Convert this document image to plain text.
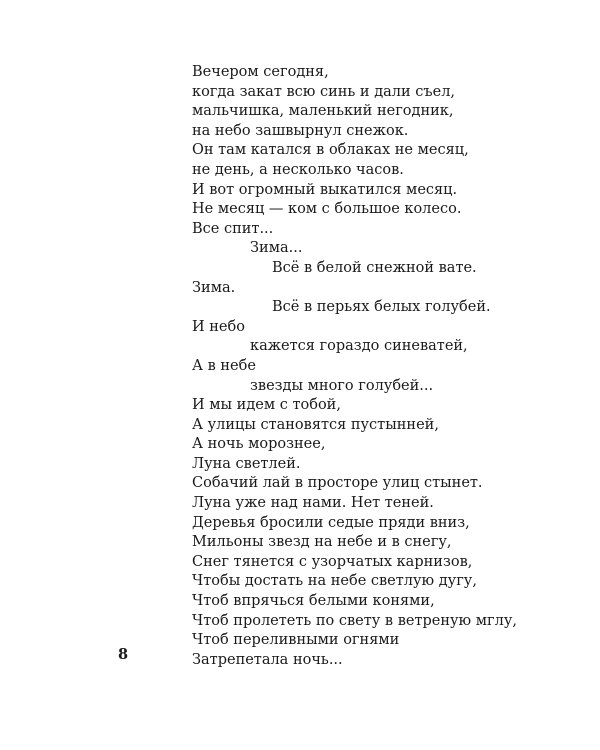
Вечером сегодня,
когда закат всю синь и дали съел,
мальчишка, маленький негодник,
на небо зашвырнул снежок.
Он там катался в облаках не месяц,
не день, а несколько часов.
И вот огромный выкатился месяц.
Не месяц — ком с большое колесо.
Все спит...
Зима...
Всё в белой снежной вате.
Зима.
Всё в перьях белых голубей.
И небо
кажется гораздо синеватей,
А в небе
звезды много голубей...
И мы идем с тобой,
А улицы становятся пустынней,
А ночь морознее,
Луна светлей.
Собачий лай в просторе улиц стынет.
Луна уже над нами. Нет теней.
Деревья бросили седые пряди вниз,
Мильоны звезд на небе и в снегу,
Снег тянется с узорчатых карнизов,
Чтобы достать на небе светлую дугу,
Чтоб впрячься белыми конями,
Чтоб пролететь по свету в ветреную мглу,
Чтоб переливными огнями
Затрепетала ночь...
8
